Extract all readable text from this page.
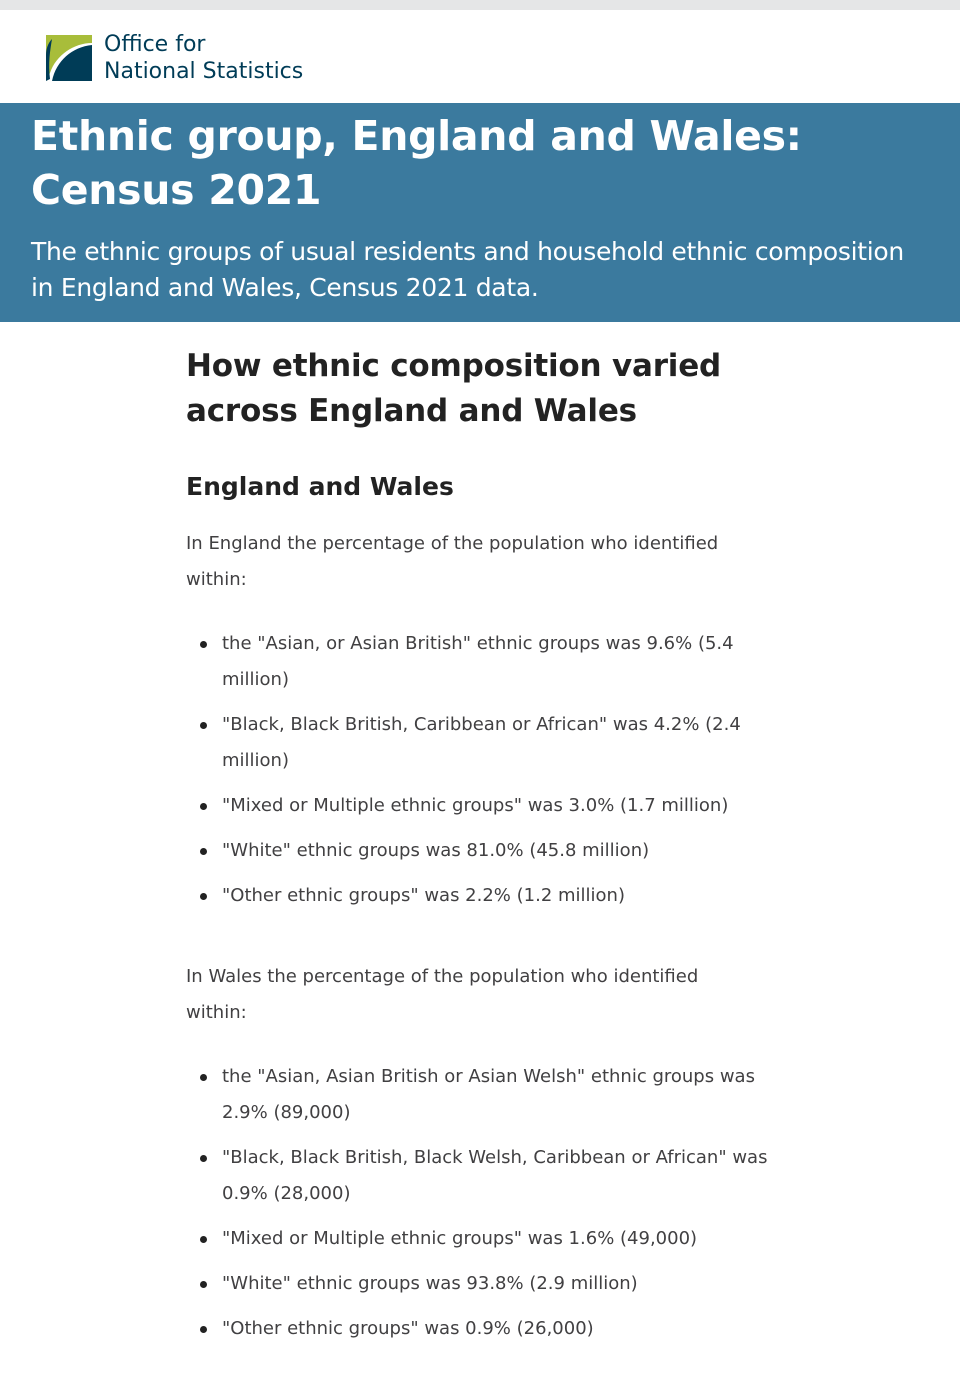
Office for
National Statistics
Ethnic group, England and Wales: Census 2021

The ethnic groups of usual residents and household ethnic composition in England and Wales, Census 2021 data.

How ethnic composition varied across England and Wales
England and Wales

In England the percentage of the population who identified within:

the "Asian, or Asian British" ethnic groups was 9.6% (5.4 million)
"Black, Black British, Caribbean or African" was 4.2% (2.4 million)
"Mixed or Multiple ethnic groups" was 3.0% (1.7 million)
"White" ethnic groups was 81.0% (45.8 million)
"Other ethnic groups" was 2.2% (1.2 million)

In Wales the percentage of the population who identified within:

the "Asian, Asian British or Asian Welsh" ethnic groups was 2.9% (89,000)
"Black, Black British, Black Welsh, Caribbean or African" was 0.9% (28,000)
"Mixed or Multiple ethnic groups" was 1.6% (49,000)
"White" ethnic groups was 93.8% (2.9 million)
"Other ethnic groups" was 0.9% (26,000)
